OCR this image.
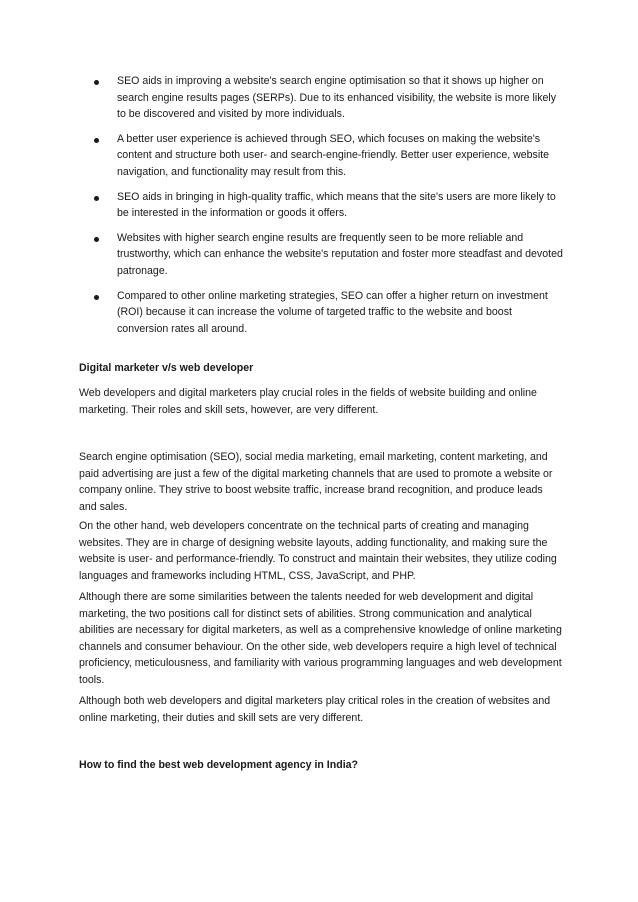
SEO aids in improving a website's search engine optimisation so that it shows up higher on search engine results pages (SERPs). Due to its enhanced visibility, the website is more likely to be discovered and visited by more individuals.
A better user experience is achieved through SEO, which focuses on making the website's content and structure both user- and search-engine-friendly. Better user experience, website navigation, and functionality may result from this.
SEO aids in bringing in high-quality traffic, which means that the site's users are more likely to be interested in the information or goods it offers.
Websites with higher search engine results are frequently seen to be more reliable and trustworthy, which can enhance the website's reputation and foster more steadfast and devoted patronage.
Compared to other online marketing strategies, SEO can offer a higher return on investment (ROI) because it can increase the volume of targeted traffic to the website and boost conversion rates all around.

Digital marketer v/s web developer

Web developers and digital marketers play crucial roles in the fields of website building and online marketing. Their roles and skill sets, however, are very different.

Search engine optimisation (SEO), social media marketing, email marketing, content marketing, and paid advertising are just a few of the digital marketing channels that are used to promote a website or company online. They strive to boost website traffic, increase brand recognition, and produce leads and sales.

On the other hand, web developers concentrate on the technical parts of creating and managing websites. They are in charge of designing website layouts, adding functionality, and making sure the website is user- and performance-friendly. To construct and maintain their websites, they utilize coding languages and frameworks including HTML, CSS, JavaScript, and PHP.

Although there are some similarities between the talents needed for web development and digital marketing, the two positions call for distinct sets of abilities. Strong communication and analytical abilities are necessary for digital marketers, as well as a comprehensive knowledge of online marketing channels and consumer behaviour. On the other side, web developers require a high level of technical proficiency, meticulousness, and familiarity with various programming languages and web development tools.

Although both web developers and digital marketers play critical roles in the creation of websites and online marketing, their duties and skill sets are very different.

How to find the best web development agency in India?
